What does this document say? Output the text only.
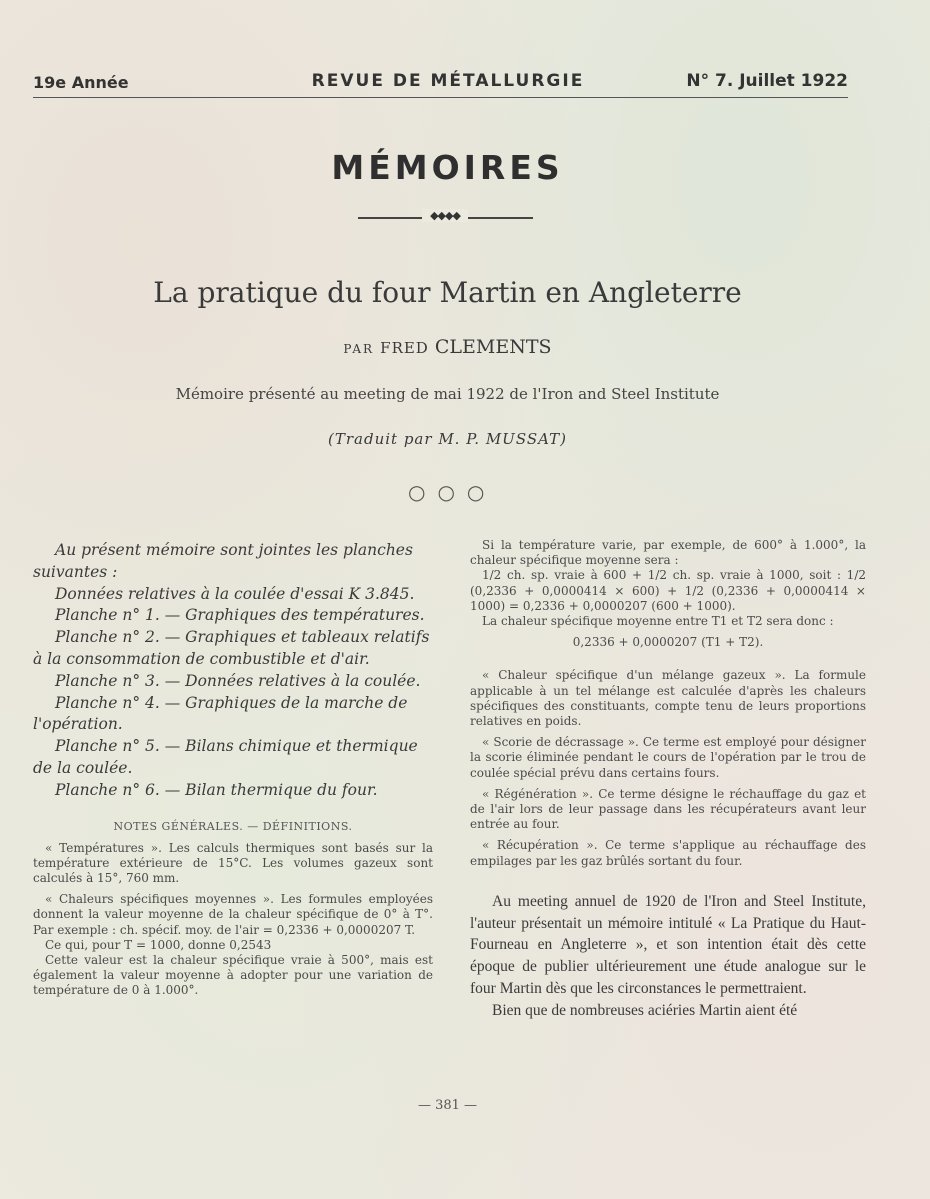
19e Année	REVUE DE MÉTALLURGIE	N° 7. Juillet 1922
MÉMOIRES
◆◆◆◆
La pratique du four Martin en Angleterre
PAR FRED CLEMENTS
Mémoire présenté au meeting de mai 1922 de l'Iron and Steel Institute
(Traduit par M. P. MUSSAT)
○○○

Au présent mémoire sont jointes les planches suivantes :

Données relatives à la coulée d'essai K 3.845.

Planche n° 1. — Graphiques des températures.

Planche n° 2. — Graphiques et tableaux relatifs à la consommation de combustible et d'air.

Planche n° 3. — Données relatives à la coulée.

Planche n° 4. — Graphiques de la marche de l'opération.

Planche n° 5. — Bilans chimique et thermique de la coulée.

Planche n° 6. — Bilan thermique du four.

NOTES GÉNÉRALES. — DÉFINITIONS.

« Températures ». Les calculs thermiques sont basés sur la température extérieure de 15°C. Les volumes gazeux sont calculés à 15°, 760 mm.

« Chaleurs spécifiques moyennes ». Les formules employées donnent la valeur moyenne de la chaleur spécifique de 0° à T°. Par exemple : ch. spécif. moy. de l'air = 0,2336 + 0,0000207 T.

Ce qui, pour T = 1000, donne 0,2543

Cette valeur est la chaleur spécifique vraie à 500°, mais est également la valeur moyenne à adopter pour une variation de température de 0 à 1.000°.

Si la température varie, par exemple, de 600° à 1.000°, la chaleur spécifique moyenne sera :

1/2 ch. sp. vraie à 600 + 1/2 ch. sp. vraie à 1000, soit : 1/2 (0,2336 + 0,0000414 × 600) + 1/2 (0,2336 + 0,0000414 × 1000) = 0,2336 + 0,0000207 (600 + 1000).

La chaleur spécifique moyenne entre T1 et T2 sera donc :

0,2336 + 0,0000207 (T1 + T2).

« Chaleur spécifique d'un mélange gazeux ». La formule applicable à un tel mélange est calculée d'après les chaleurs spécifiques des constituants, compte tenu de leurs proportions relatives en poids.

« Scorie de décrassage ». Ce terme est employé pour désigner la scorie éliminée pendant le cours de l'opération par le trou de coulée spécial prévu dans certains fours.

« Régénération ». Ce terme désigne le réchauffage du gaz et de l'air lors de leur passage dans les récupérateurs avant leur entrée au four.

« Récupération ». Ce terme s'applique au réchauffage des empilages par les gaz brûlés sortant du four.

Au meeting annuel de 1920 de l'Iron and Steel Institute, l'auteur présentait un mémoire intitulé « La Pratique du Haut-Fourneau en Angleterre », et son intention était dès cette époque de publier ultérieurement une étude analogue sur le four Martin dès que les circonstances le permettraient.

Bien que de nombreuses aciéries Martin aient été

— 381 —
